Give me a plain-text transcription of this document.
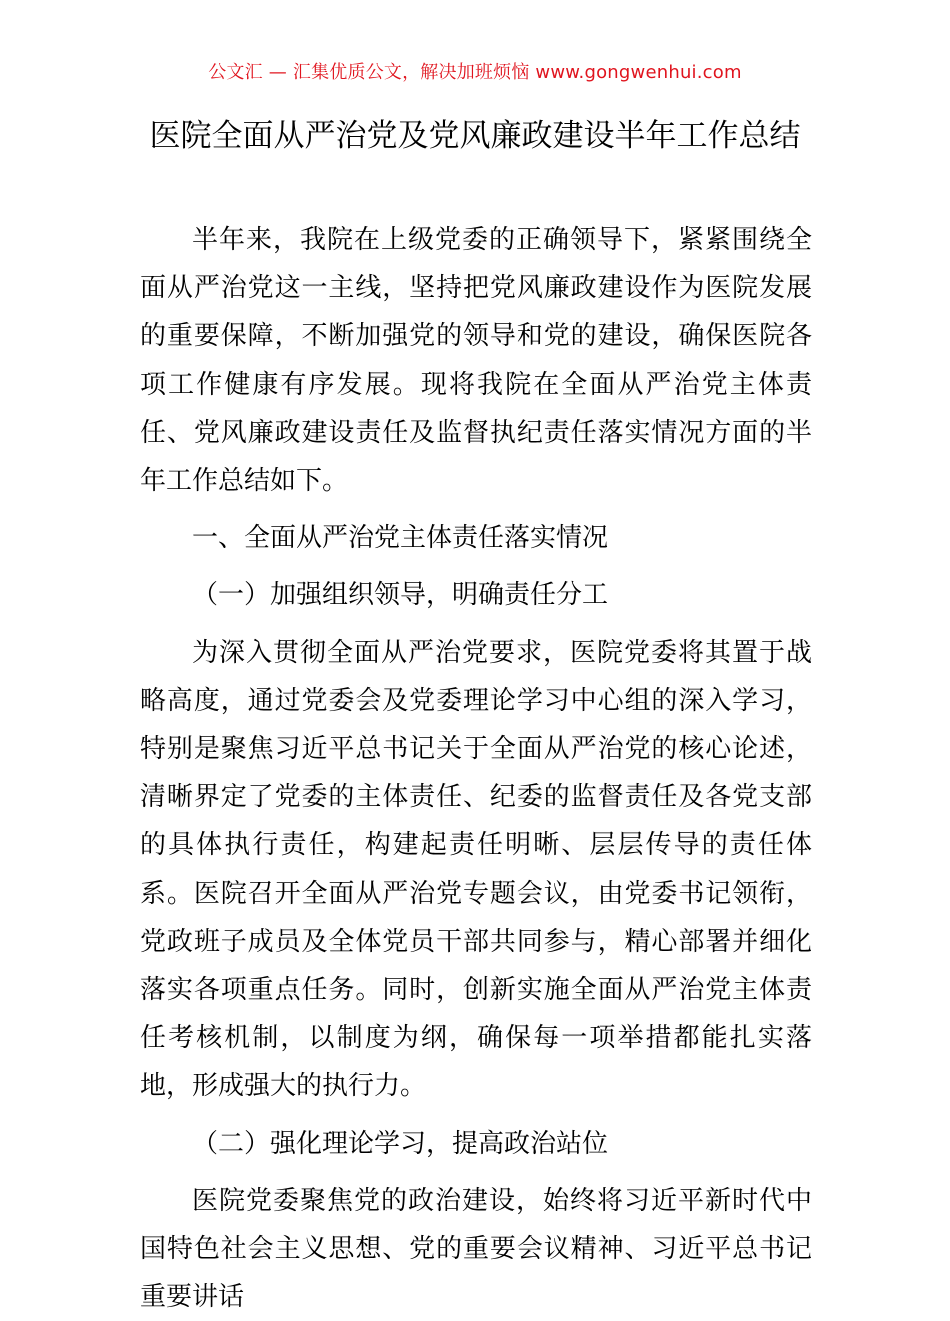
公文汇 — 汇集优质公文，解决加班烦恼 www.gongwenhui.com
医院全面从严治党及党风廉政建设半年工作总结

半年来，我院在上级党委的正确领导下，紧紧围绕全面从严治党这一主线，坚持把党风廉政建设作为医院发展的重要保障，不断加强党的领导和党的建设，确保医院各项工作健康有序发展。现将我院在全面从严治党主体责任、党风廉政建设责任及监督执纪责任落实情况方面的半年工作总结如下。

一、全面从严治党主体责任落实情况

（一）加强组织领导，明确责任分工

为深入贯彻全面从严治党要求，医院党委将其置于战略高度，通过党委会及党委理论学习中心组的深入学习，特别是聚焦习近平总书记关于全面从严治党的核心论述，清晰界定了党委的主体责任、纪委的监督责任及各党支部的具体执行责任，构建起责任明晰、层层传导的责任体系。医院召开全面从严治党专题会议，由党委书记领衔，党政班子成员及全体党员干部共同参与，精心部署并细化落实各项重点任务。同时，创新实施全面从严治党主体责任考核机制，以制度为纲，确保每一项举措都能扎实落地，形成强大的执行力。

（二）强化理论学习，提高政治站位

医院党委聚焦党的政治建设，始终将习近平新时代中国特色社会主义思想、党的重要会议精神、习近平总书记重要讲话
